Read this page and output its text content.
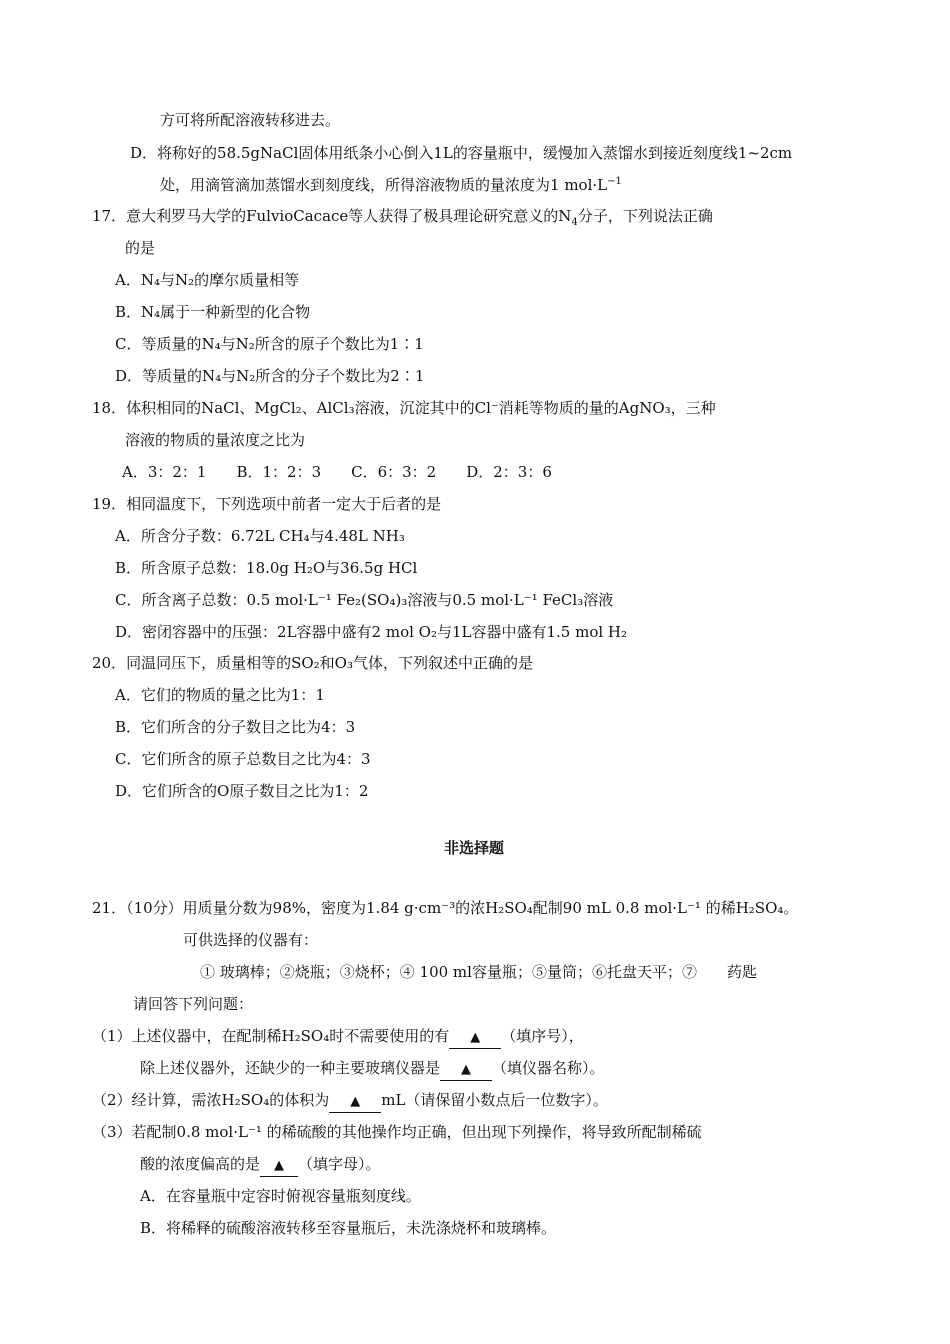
方可将所配溶液转移进去。
D．将称好的58.5gNaCl固体用纸条小心倒入1L的容量瓶中，缓慢加入蒸馏水到接近刻度线1~2cm
处，用滴管滴加蒸馏水到刻度线，所得溶液物质的量浓度为1 $mol\cdot L^{-1}$
17．意大利罗马大学的FulvioCacace等人获得了极具理论研究意义的$N_4$分子，下列说法正确
的是
A．N₄与N₂的摩尔质量相等
B．N₄属于一种新型的化合物
C．等质量的N₄与N₂所含的原子个数比为1∶1
D．等质量的N₄与N₂所含的分子个数比为2∶1
18．体积相同的NaCl、MgCl₂、AlCl₃溶液，沉淀其中的Cl⁻消耗等物质的量的AgNO₃，三种
溶液的物质的量浓度之比为
A．3：2：1　　B．1：2：3　　C．6：3：2　　D．2：3：6
19．相同温度下，下列选项中前者一定大于后者的是
A．所含分子数：6.72L CH₄与4.48L NH₃
B．所含原子总数：18.0g H₂O与36.5g HCl
C．所含离子总数：0.5 mol·L⁻¹ Fe₂(SO₄)₃溶液与0.5 mol·L⁻¹ FeCl₃溶液
D．密闭容器中的压强：2L容器中盛有2 mol O₂与1L容器中盛有1.5 mol H₂
20．同温同压下，质量相等的SO₂和O₃气体，下列叙述中正确的是
A．它们的物质的量之比为1：1
B．它们所含的分子数目之比为4：3
C．它们所含的原子总数目之比为4：3
D．它们所含的O原子数目之比为1：2
非选择题
21．（10分）用质量分数为98%，密度为1.84 g·cm⁻³的浓H₂SO₄配制90 mL 0.8 mol·L⁻¹ 的稀H₂SO₄。
可供选择的仪器有：
① 玻璃棒；②烧瓶；③烧杯；④ 100 ml容量瓶；⑤量筒；⑥托盘天平；⑦　　药匙
请回答下列问题：
（1）上述仪器中，在配制稀H₂SO₄时不需要使用的有 ▲ （填序号），
除上述仪器外，还缺少的一种主要玻璃仪器是 ▲ （填仪器名称）。
（2）经计算，需浓H₂SO₄的体积为 ▲ mL（请保留小数点后一位数字）。
（3）若配制0.8 mol·L⁻¹ 的稀硫酸的其他操作均正确，但出现下列操作，将导致所配制稀硫
酸的浓度偏高的是 ▲ （填字母）。
A．在容量瓶中定容时俯视容量瓶刻度线。
B．将稀释的硫酸溶液转移至容量瓶后，未洗涤烧杯和玻璃棒。
